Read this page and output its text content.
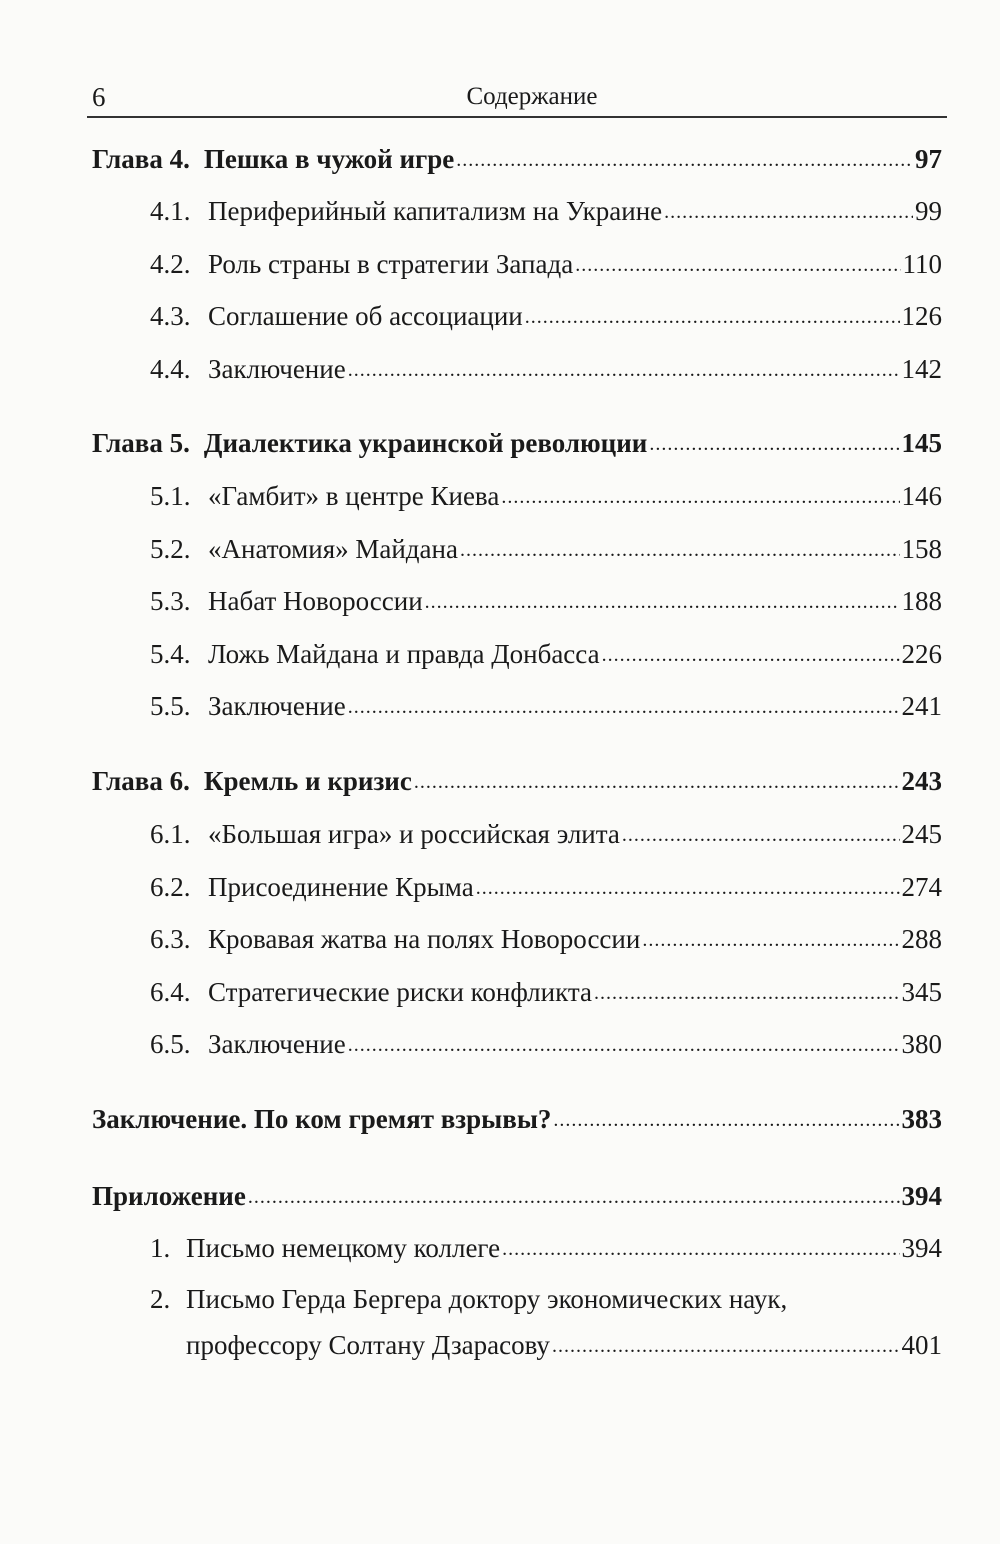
6	Содержание
Глава 4. Пешка в чужой игре .....	97
4.1. Периферийный капитализм на Украине .....	99
4.2. Роль страны в стратегии Запада .....	110
4.3. Соглашение об ассоциации .....	126
4.4. Заключение .....	142
Глава 5. Диалектика украинской революции .....	145
5.1. «Гамбит» в центре Киева .....	146
5.2. «Анатомия» Майдана .....	158
5.3. Набат Новороссии .....	188
5.4. Ложь Майдана и правда Донбасса .....	226
5.5. Заключение .....	241
Глава 6. Кремль и кризис .....	243
6.1. «Большая игра» и российская элита .....	245
6.2. Присоединение Крыма .....	274
6.3. Кровавая жатва на полях Новороссии .....	288
6.4. Стратегические риски конфликта .....	345
6.5. Заключение .....	380
Заключение. По ком гремят взрывы? .....	383
Приложение .....	394
1. Письмо немецкому коллеге .....	394
2. Письмо Герда Бергера доктору экономических наук,
профессору Солтану Дзарасову .....	401
